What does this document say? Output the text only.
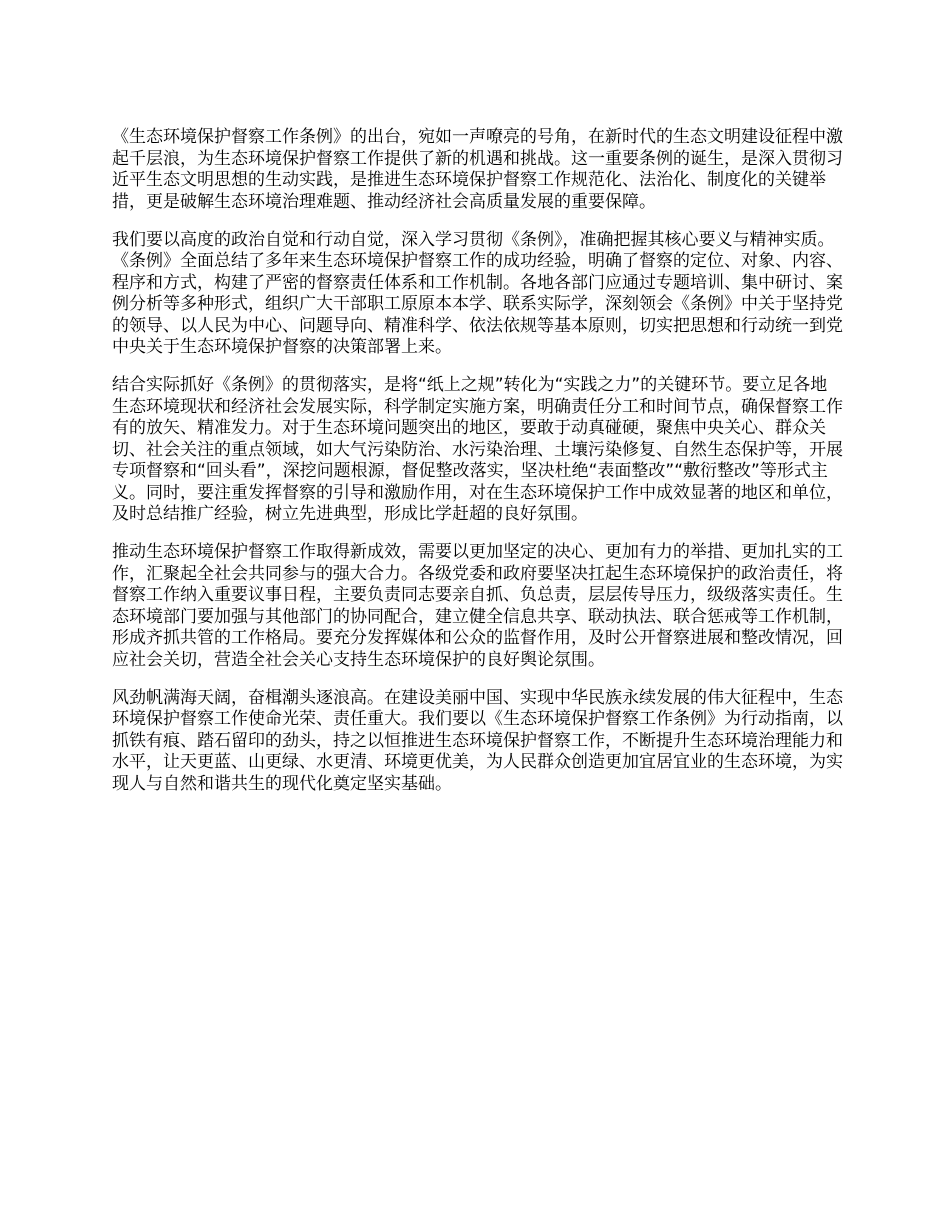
《生态环境保护督察工作条例》的出台，宛如一声嘹亮的号角，在新时代的生态文明建设征程中激起千层浪，为生态环境保护督察工作提供了新的机遇和挑战。这一重要条例的诞生，是深入贯彻习近平生态文明思想的生动实践，是推进生态环境保护督察工作规范化、法治化、制度化的关键举措，更是破解生态环境治理难题、推动经济社会高质量发展的重要保障。

我们要以高度的政治自觉和行动自觉，深入学习贯彻《条例》，准确把握其核心要义与精神实质。《条例》全面总结了多年来生态环境保护督察工作的成功经验，明确了督察的定位、对象、内容、程序和方式，构建了严密的督察责任体系和工作机制。各地各部门应通过专题培训、集中研讨、案例分析等多种形式，组织广大干部职工原原本本学、联系实际学，深刻领会《条例》中关于坚持党的领导、以人民为中心、问题导向、精准科学、依法依规等基本原则，切实把思想和行动统一到党中央关于生态环境保护督察的决策部署上来。

结合实际抓好《条例》的贯彻落实，是将“纸上之规”转化为“实践之力”的关键环节。要立足各地生态环境现状和经济社会发展实际，科学制定实施方案，明确责任分工和时间节点，确保督察工作有的放矢、精准发力。对于生态环境问题突出的地区，要敢于动真碰硬，聚焦中央关心、群众关切、社会关注的重点领域，如大气污染防治、水污染治理、土壤污染修复、自然生态保护等，开展专项督察和“回头看”，深挖问题根源，督促整改落实，坚决杜绝“表面整改”“敷衍整改”等形式主义。同时，要注重发挥督察的引导和激励作用，对在生态环境保护工作中成效显著的地区和单位，及时总结推广经验，树立先进典型，形成比学赶超的良好氛围。

推动生态环境保护督察工作取得新成效，需要以更加坚定的决心、更加有力的举措、更加扎实的工作，汇聚起全社会共同参与的强大合力。各级党委和政府要坚决扛起生态环境保护的政治责任，将督察工作纳入重要议事日程，主要负责同志要亲自抓、负总责，层层传导压力，级级落实责任。生态环境部门要加强与其他部门的协同配合，建立健全信息共享、联动执法、联合惩戒等工作机制，形成齐抓共管的工作格局。要充分发挥媒体和公众的监督作用，及时公开督察进展和整改情况，回应社会关切，营造全社会关心支持生态环境保护的良好舆论氛围。

风劲帆满海天阔，奋楫潮头逐浪高。在建设美丽中国、实现中华民族永续发展的伟大征程中，生态环境保护督察工作使命光荣、责任重大。我们要以《生态环境保护督察工作条例》为行动指南，以抓铁有痕、踏石留印的劲头，持之以恒推进生态环境保护督察工作，不断提升生态环境治理能力和水平，让天更蓝、山更绿、水更清、环境更优美，为人民群众创造更加宜居宜业的生态环境，为实现人与自然和谐共生的现代化奠定坚实基础。
